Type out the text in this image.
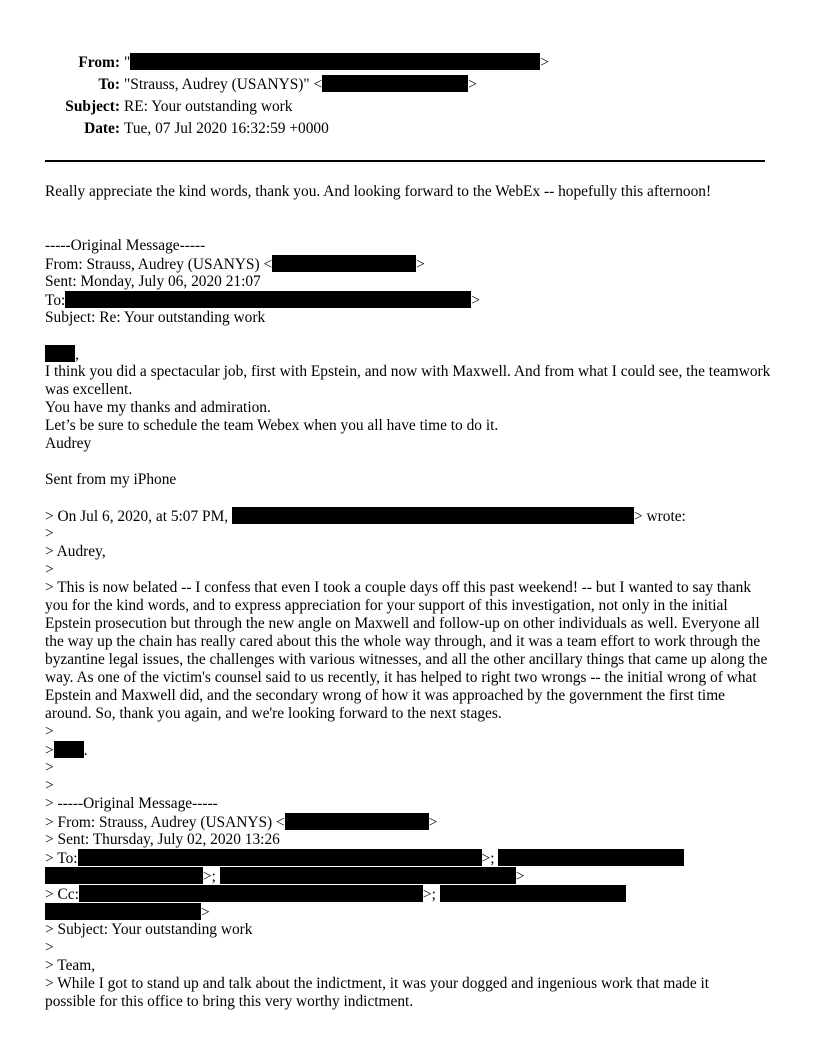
From: "	>
To: "Strauss, Audrey (USANYS)" <	>
Subject: RE: Your outstanding work
Date: Tue, 07 Jul 2020 16:32:59 +0000
Really appreciate the kind words, thank you. And looking forward to the WebEx -- hopefully this afternoon!
-----Original Message-----
From: Strauss, Audrey (USANYS) <	>
Sent: Monday, July 06, 2020 21:07
To:	>
Subject: Re: Your outstanding work
,
I think you did a spectacular job, first with Epstein, and now with Maxwell. And from what I could see, the teamwork was excellent.
You have my thanks and admiration.
Let’s be sure to schedule the team Webex when you all have time to do it.
Audrey
Sent from my iPhone
> On Jul 6, 2020, at 5:07 PM,	> wrote:
>
> Audrey,
>
> This is now belated -- I confess that even I took a couple days off this past weekend! -- but I wanted to say thank you for the kind words, and to express appreciation for your support of this investigation, not only in the initial Epstein prosecution but through the new angle on Maxwell and follow-up on other individuals as well. Everyone all the way up the chain has really cared about this the whole way through, and it was a team effort to work through the byzantine legal issues, the challenges with various witnesses, and all the other ancillary things that came up along the way. As one of the victim's counsel said to us recently, it has helped to right two wrongs -- the initial wrong of what Epstein and Maxwell did, and the secondary wrong of how it was approached by the government the first time around. So, thank you again, and we're looking forward to the next stages.
>
> .
>
>
> -----Original Message-----
> From: Strauss, Audrey (USANYS) <	>
> Sent: Thursday, July 02, 2020 13:26
> To:	>;
>;	>
> Cc:	>;
>
> Subject: Your outstanding work
>
> Team,
> While I got to stand up and talk about the indictment, it was your dogged and ingenious work that made it possible for this office to bring this very worthy indictment.
